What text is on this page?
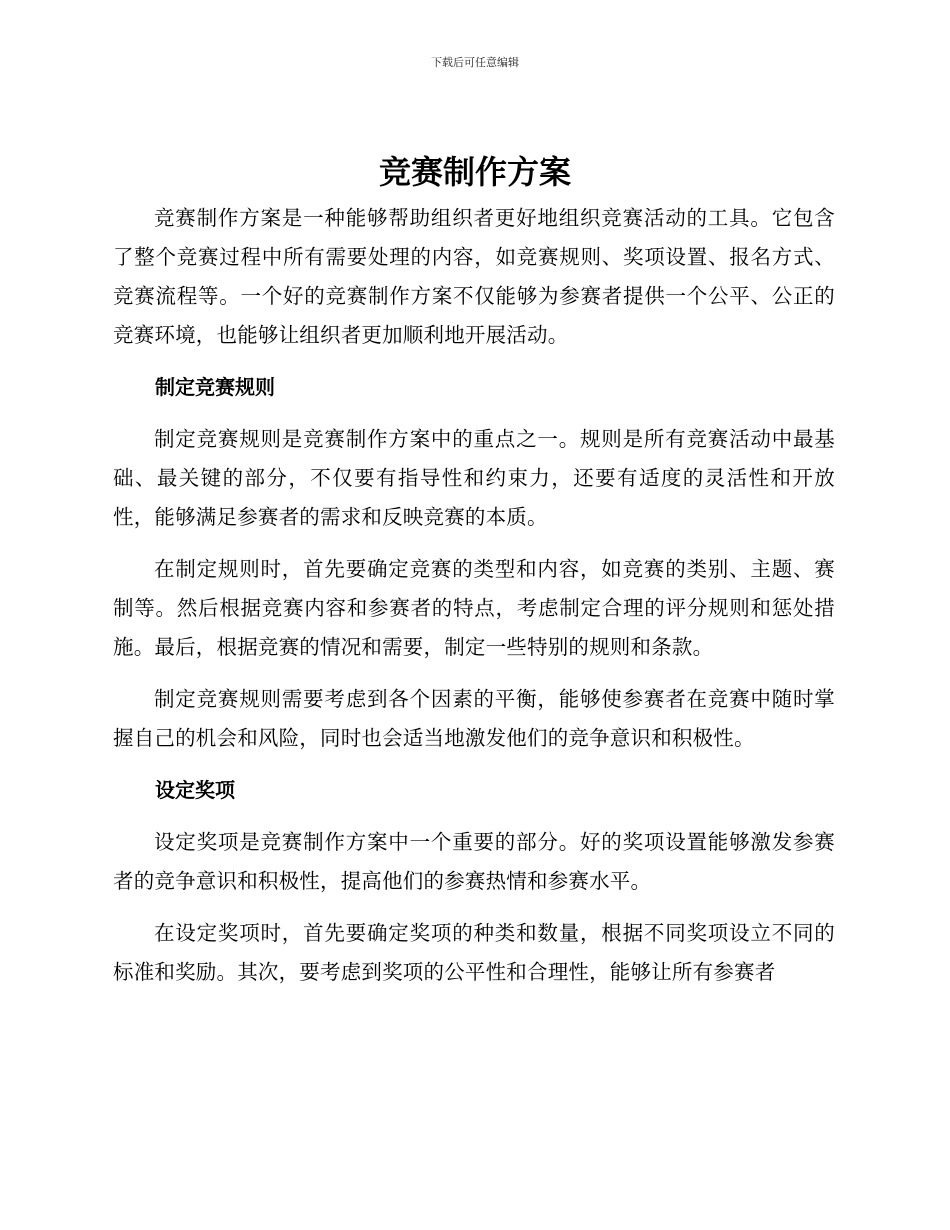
下载后可任意编辑
竞赛制作方案

竞赛制作方案是一种能够帮助组织者更好地组织竞赛活动的工具。它包含了整个竞赛过程中所有需要处理的内容，如竞赛规则、奖项设置、报名方式、竞赛流程等。一个好的竞赛制作方案不仅能够为参赛者提供一个公平、公正的竞赛环境，也能够让组织者更加顺利地开展活动。

制定竞赛规则

制定竞赛规则是竞赛制作方案中的重点之一。规则是所有竞赛活动中最基础、最关键的部分，不仅要有指导性和约束力，还要有适度的灵活性和开放性，能够满足参赛者的需求和反映竞赛的本质。

在制定规则时，首先要确定竞赛的类型和内容，如竞赛的类别、主题、赛制等。然后根据竞赛内容和参赛者的特点，考虑制定合理的评分规则和惩处措施。最后，根据竞赛的情况和需要，制定一些特别的规则和条款。

制定竞赛规则需要考虑到各个因素的平衡，能够使参赛者在竞赛中随时掌握自己的机会和风险，同时也会适当地激发他们的竞争意识和积极性。

设定奖项

设定奖项是竞赛制作方案中一个重要的部分。好的奖项设置能够激发参赛者的竞争意识和积极性，提高他们的参赛热情和参赛水平。

在设定奖项时，首先要确定奖项的种类和数量，根据不同奖项设立不同的标准和奖励。其次，要考虑到奖项的公平性和合理性，能够让所有参赛者
